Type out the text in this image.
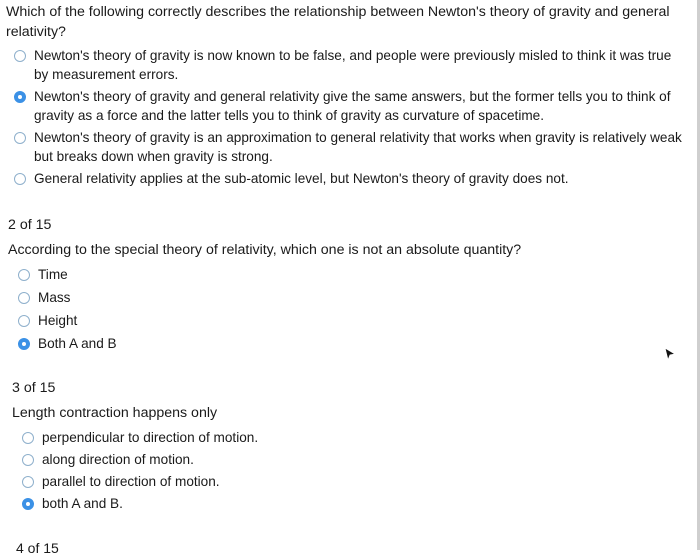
Which of the following correctly describes the relationship between Newton's theory of gravity and general relativity?
Newton's theory of gravity is now known to be false, and people were previously misled to think it was true by measurement errors.
Newton's theory of gravity and general relativity give the same answers, but the former tells you to think of gravity as a force and the latter tells you to think of gravity as curvature of spacetime.
Newton's theory of gravity is an approximation to general relativity that works when gravity is relatively weak but breaks down when gravity is strong.
General relativity applies at the sub-atomic level, but Newton's theory of gravity does not.
2 of 15
According to the special theory of relativity, which one is not an absolute quantity?
Time
Mass
Height
Both A and B
3 of 15
Length contraction happens only
perpendicular to direction of motion.
along direction of motion.
parallel to direction of motion.
both A and B.
4 of 15
